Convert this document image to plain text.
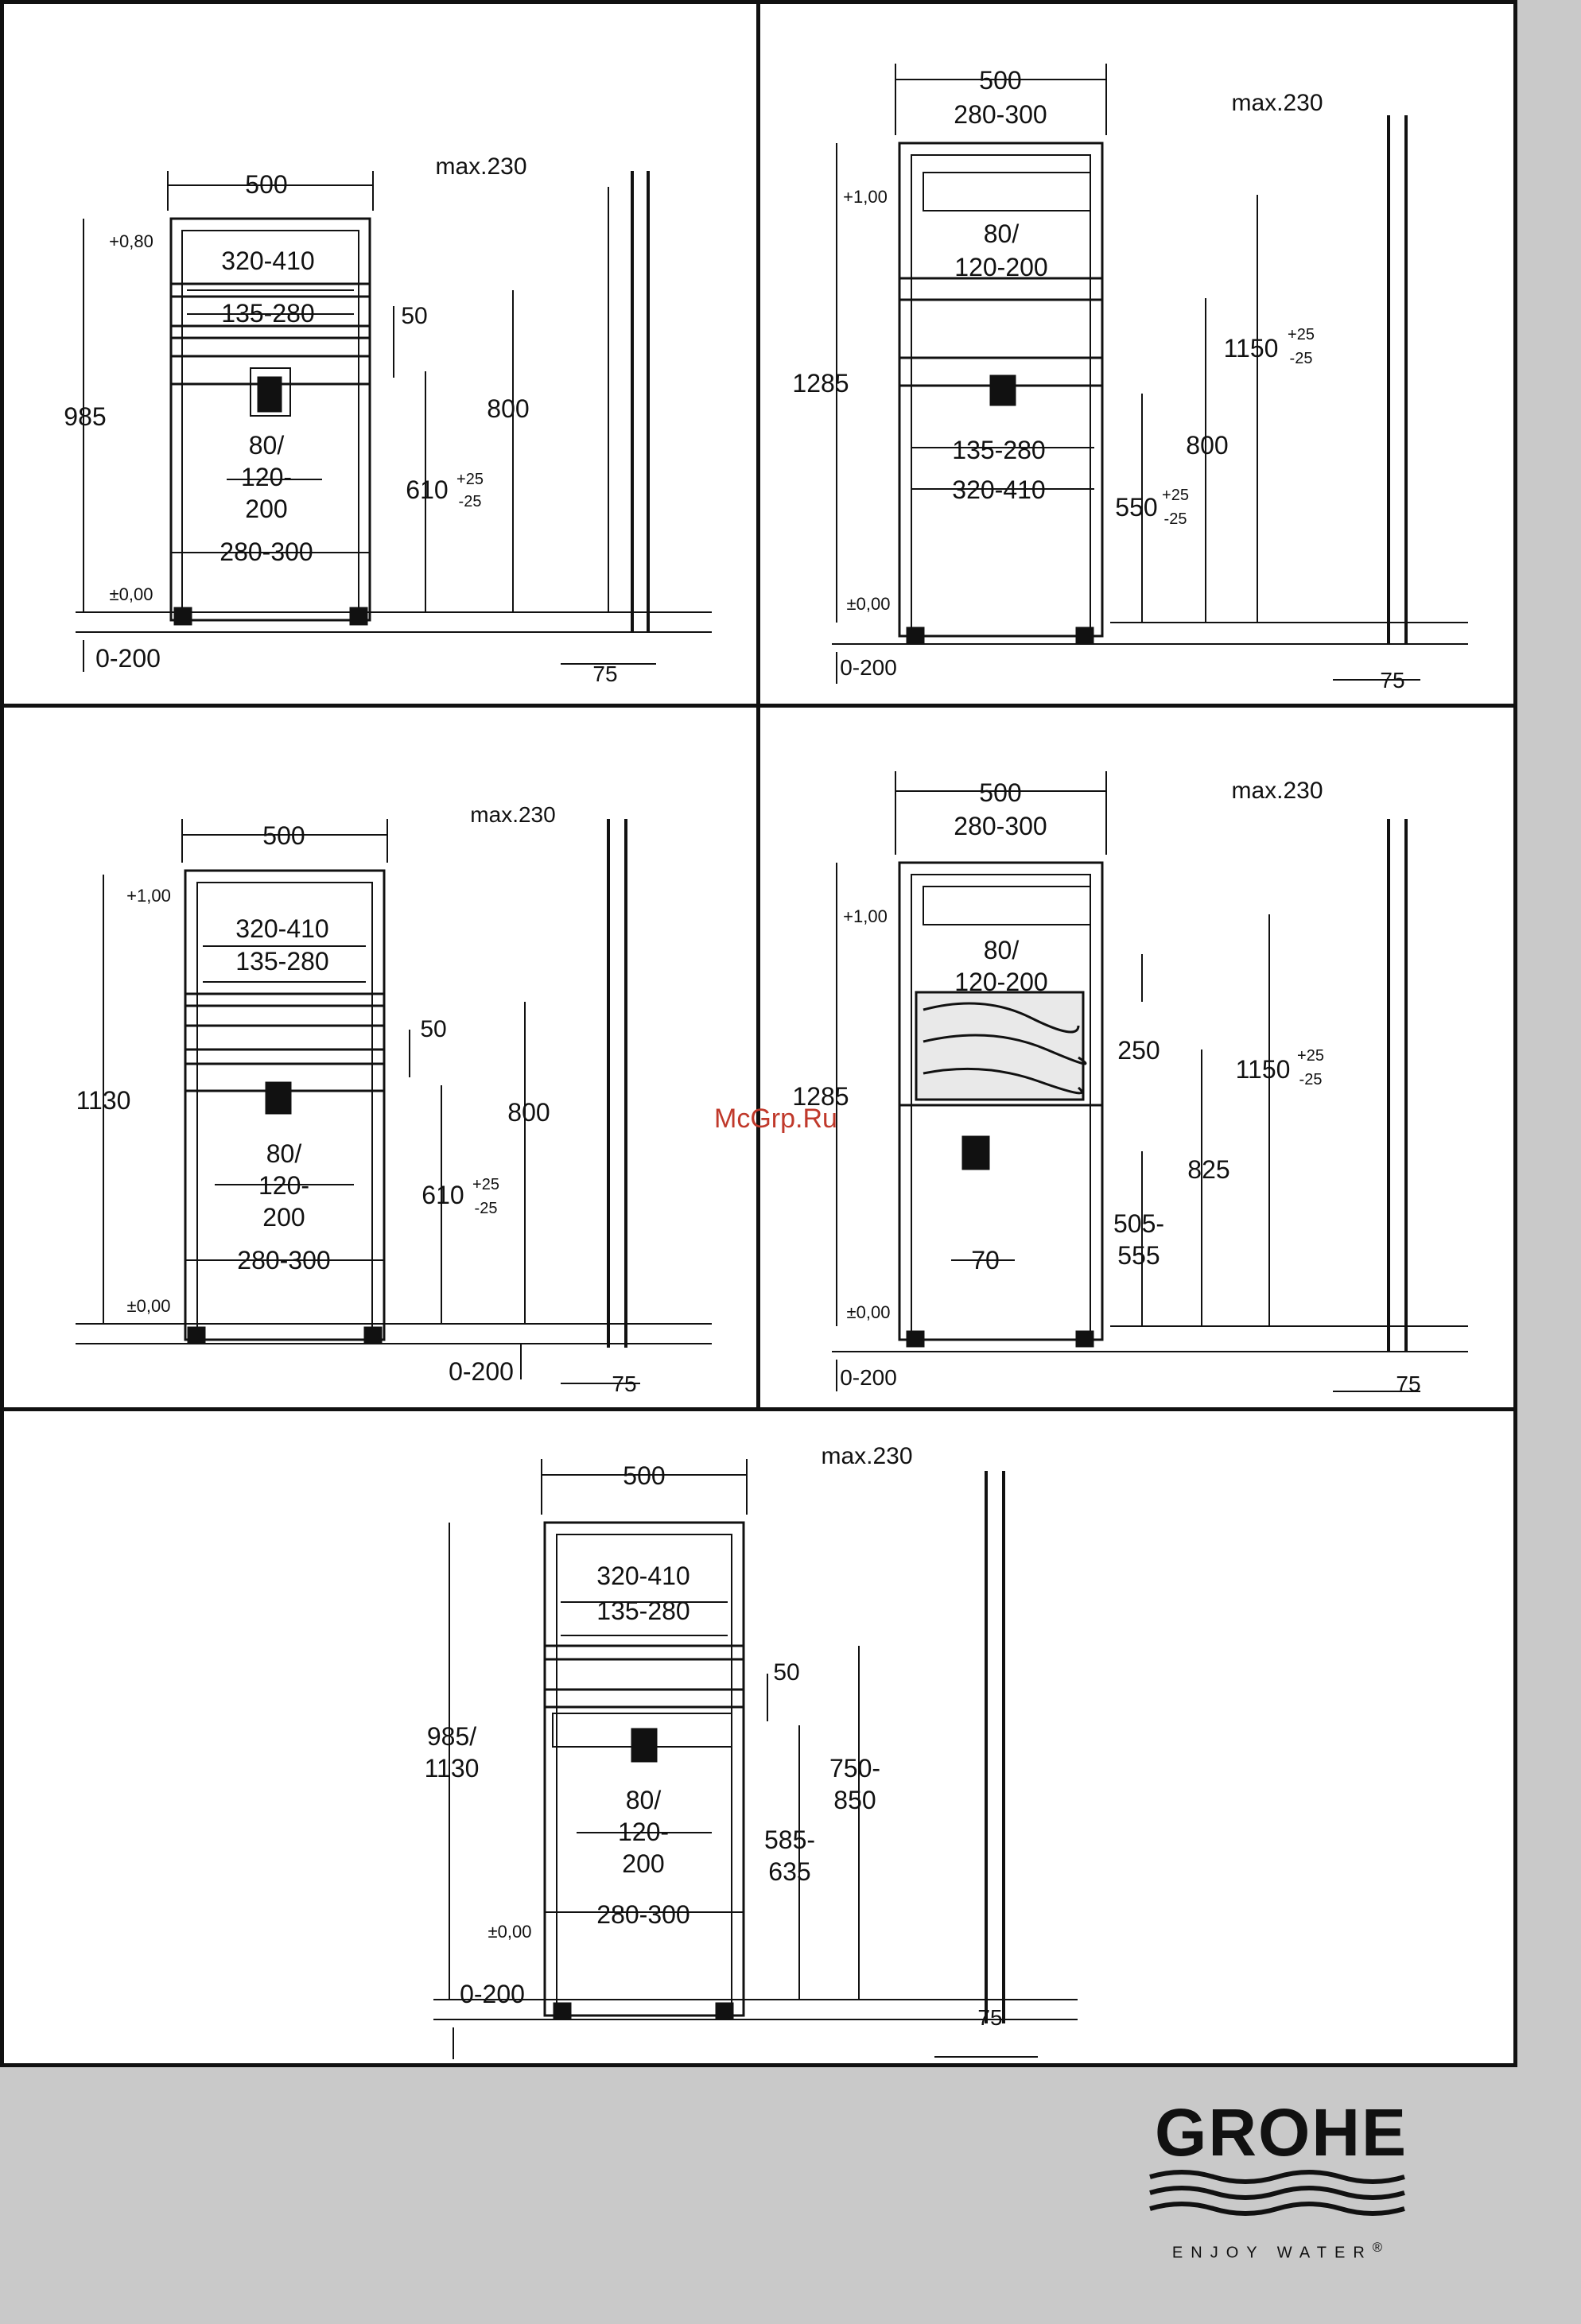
500
max.230
+0,80
320-410
135-280	50
985	800
610 +25
-25
80/
120-
200
280-300
±0,00
0-200
75
500
280-300	max.230
+1,00
80/
120-200
1150 +25
-25
1285
800
135-280
320-410
550 +25
-25
±0,00
0-200
75
500
max.230
+1,00
320-410
135-280
50
1130	800
610 +25
-25
80/
120-
200
280-300
±0,00
0-200	75
500
280-300
max.230
+1,00
80/
120-200
250
1150 +25
-25
1285
825
505-
555
70
±0,00
0-200	75
500
max.230
320-410
135-280
50
985/
1130	750-
850
80/
120-
200
585-
635
280-300
±0,00
0-200
75
McGrp.Ru
GROHE
ENJOY WATER®
